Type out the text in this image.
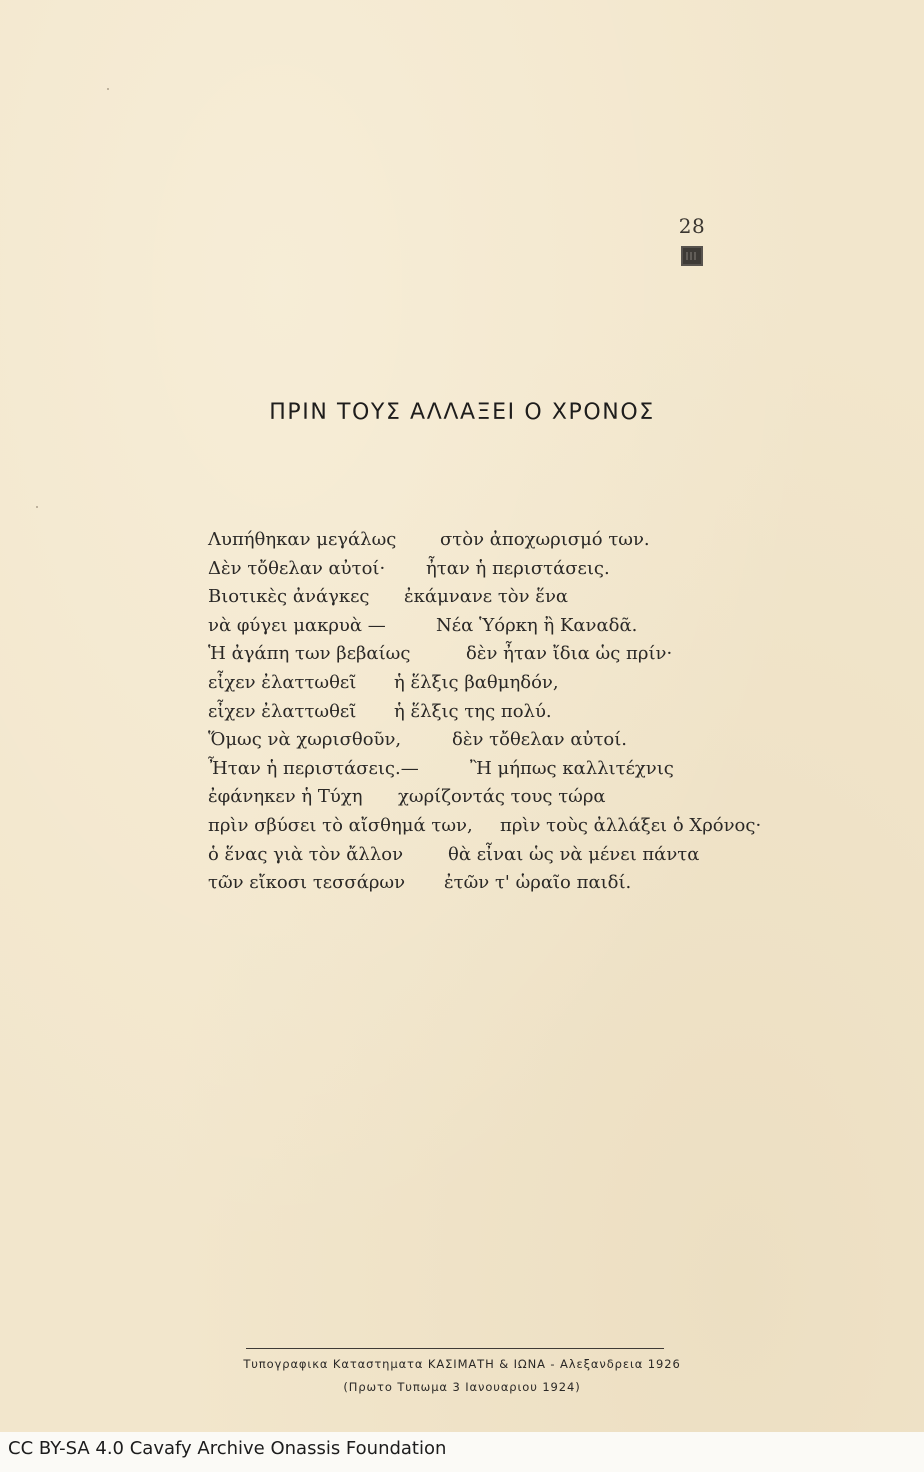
28
ΠΡΙΝ ΤΟΥΣ ΑΛΛΑΞΕΙ Ο ΧΡΟΝΟΣ
Λυπήθηκαν μεγάλως στὸν ἀποχωρισμό των.
Δὲν τὄθελαν αὐτοί· ἦταν ἡ περιστάσεις.
Βιοτικὲς ἀνάγκες ἐκάμνανε τὸν ἕνα
νὰ φύγει μακρυὰ —	Νέα Ὑόρκη ἢ Καναδᾶ.
Ἡ ἀγάπη των βεβαίως	δὲν ἦταν ἴδια ὡς πρίν·
εἶχεν ἐλαττωθεῖ ἡ ἕλξις βαθμηδόν,
εἶχεν ἐλαττωθεῖ ἡ ἕλξις της πολύ.
Ὅμως νὰ χωρισθοῦν,	δὲν τὄθελαν αὐτοί.
Ἦταν ἡ περιστάσεις.—	Ἢ μήπως καλλιτέχνις
ἐφάνηκεν ἡ Τύχη χωρίζοντάς τους τώρα
πρὶν σβύσει τὸ αἴσθημά των, πρὶν τοὺς ἀλλάξει ὁ Χρόνος·
ὁ ἕνας γιὰ τὸν ἄλλον θὰ εἶναι ὡς νὰ μένει πάντα
τῶν εἴκοσι τεσσάρων ἐτῶν τ' ὡραῖο παιδί.
Τυπογραφικα Καταστηματα ΚΑΣΙΜΑΤΗ & ΙΩΝΑ - Αλεξανδρεια 1926
(Πρωτο Τυπωμα 3 Ιανουαριου 1924)
CC BY-SA 4.0 Cavafy Archive Onassis Foundation
